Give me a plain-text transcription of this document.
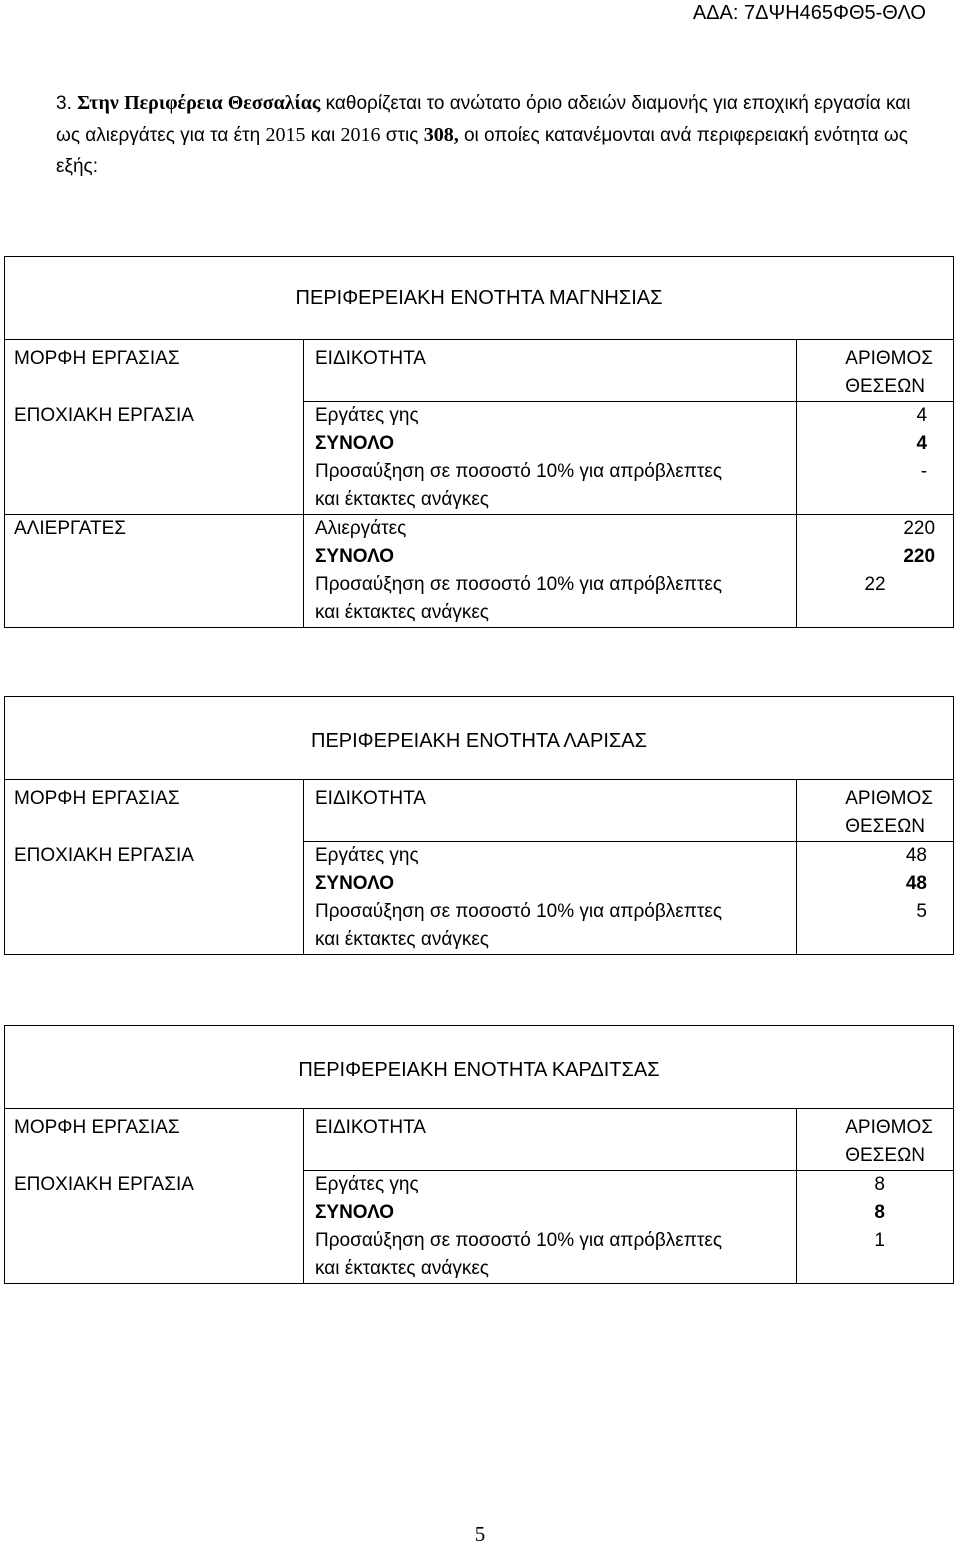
ΑΔΑ: 7ΔΨΗ465ΦΘ5-ΘΛΟ

3. Στην Περιφέρεια Θεσσαλίας καθορίζεται το ανώτατο όριο αδειών διαμονής για εποχική εργασία και ως αλιεργάτες για τα έτη 2015 και 2016 στις 308, οι οποίες κατανέμονται ανά περιφερειακή ενότητα ως εξής:

ΠΕΡΙΦΕΡΕΙΑΚΗ ΕΝΟΤΗΤΑ ΜΑΓΝΗΣΙΑΣ		
ΜΟΡΦΗ ΕΡΓΑΣΙΑΣ	ΕΙΔΙΚΟΤΗΤΑ	ΑΡΙΘΜΟΣ
ΘΕΣΕΩΝ

ΕΠΟΧΙΑΚΗ ΕΡΓΑΣΙΑ	Εργάτες γης	4
	ΣΥΝΟΛΟ	4

	Προσαύξηση σε ποσοστό 10% για απρόβλεπτες
και έκτακτες ανάγκες	-
ΑΛΙΕΡΓΑΤΕΣ	Αλιεργάτες	220
	ΣΥΝΟΛΟ	220

	Προσαύξηση σε ποσοστό 10% για απρόβλεπτες
και έκτακτες ανάγκες	22
ΠΕΡΙΦΕΡΕΙΑΚΗ ΕΝΟΤΗΤΑ ΛΑΡΙΣΑΣ		
ΜΟΡΦΗ ΕΡΓΑΣΙΑΣ	ΕΙΔΙΚΟΤΗΤΑ	ΑΡΙΘΜΟΣ
ΘΕΣΕΩΝ

ΕΠΟΧΙΑΚΗ ΕΡΓΑΣΙΑ	Εργάτες γης	48
	ΣΥΝΟΛΟ	48

	Προσαύξηση σε ποσοστό 10% για απρόβλεπτες
και έκτακτες ανάγκες	5
ΠΕΡΙΦΕΡΕΙΑΚΗ ΕΝΟΤΗΤΑ ΚΑΡΔΙΤΣΑΣ		
ΜΟΡΦΗ ΕΡΓΑΣΙΑΣ	ΕΙΔΙΚΟΤΗΤΑ	ΑΡΙΘΜΟΣ
ΘΕΣΕΩΝ

ΕΠΟΧΙΑΚΗ ΕΡΓΑΣΙΑ	Εργάτες γης	8
	ΣΥΝΟΛΟ	8

	Προσαύξηση σε ποσοστό 10% για απρόβλεπτες
και έκτακτες ανάγκες	1
5
